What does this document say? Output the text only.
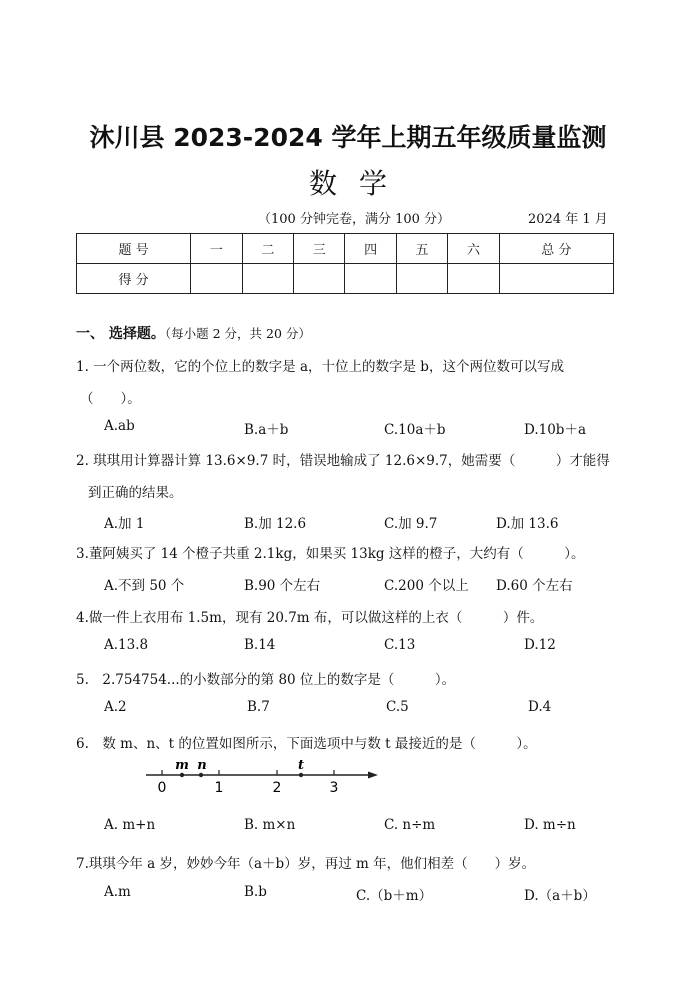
沐川县 2023-2024 学年上期五年级质量监测
数学
（100 分钟完卷，满分 100 分）	2024 年 1 月
题 号	一	二	三	四	五	六	总 分
得 分							
一、 选择题。（每小题 2 分，共 20 分）
1. 一个两位数，它的个位上的数字是 a，十位上的数字是 b，这个两位数可以写成
（　　）。
A.ab	B.a＋b	C.10a＋b	D.10b＋a
2. 琪琪用计算器计算 13.6×9.7 时，错误地输成了 12.6×9.7，她需要（　　　）才能得
到正确的结果。
A.加 1	B.加 12.6	C.加 9.7	D.加 13.6
3.董阿姨买了 14 个橙子共重 2.1kg，如果买 13kg 这样的橙子，大约有（　　　）。
A.不到 50 个	B.90 个左右	C.200 个以上 D.60 个左右
4.做一件上衣用布 1.5m，现有 20.7m 布，可以做这样的上衣（　　　）件。
A.13.8	B.14	C.13	D.12
5.　2.754754...的小数部分的第 80 位上的数字是（　　　）。
A.2	B.7	C.5	D.4
6.　数 m、n、t 的位置如图所示，下面选项中与数 t 最接近的是（　　　）。
m n	t
0	1	2	3
A. m+n	B. m×n	C. n÷m	D. m÷n
7.琪琪今年 a 岁，妙妙今年（a＋b）岁，再过 m 年，他们相差（　　）岁。
A.m	B.b	C.（b＋m）	D.（a＋b）
